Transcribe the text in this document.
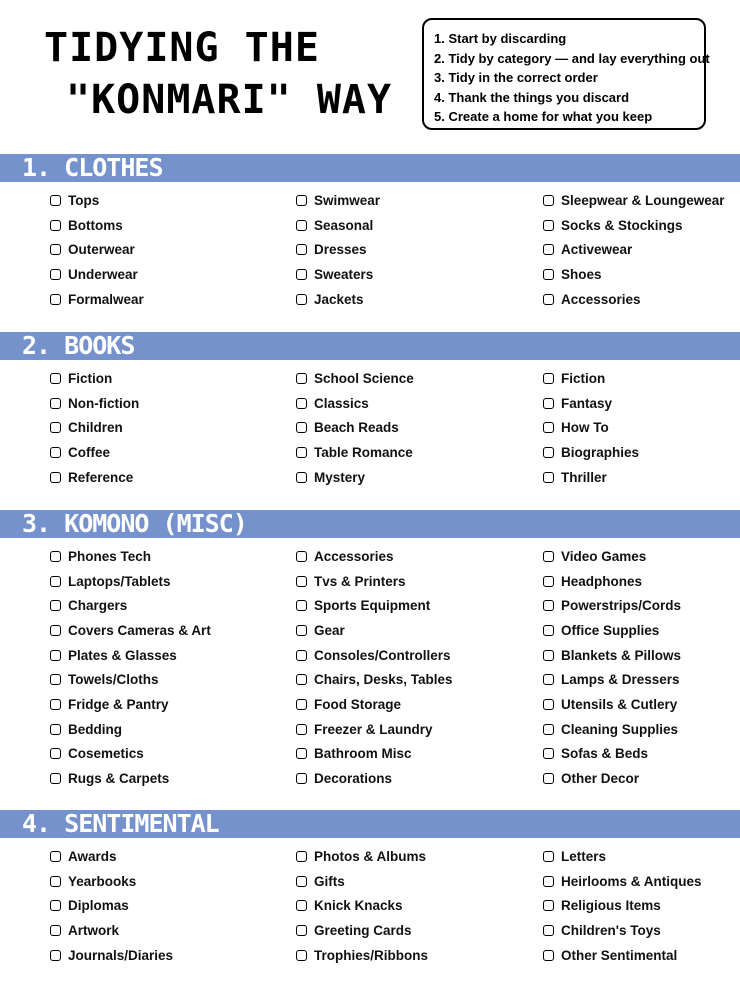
TIDYING THE
"KONMARI" WAY
1. Start by discarding
2. Tidy by category — and lay everything out
3. Tidy in the correct order
4. Thank the things you discard
5. Create a home for what you keep
1. CLOTHES
Tops
Bottoms
Outerwear
Underwear
Formalwear
Swimwear
Seasonal
Dresses
Sweaters
Jackets
Sleepwear & Loungewear
Socks & Stockings
Activewear
Shoes
Accessories
2. BOOKS
Fiction
Non-fiction
Children
Coffee
Reference
School Science
Classics
Beach Reads
Table Romance
Mystery
Fiction
Fantasy
How To
Biographies
Thriller
3. KOMONO (MISC)
Phones Tech
Laptops/Tablets
Chargers
Covers Cameras & Art
Plates & Glasses
Towels/Cloths
Fridge & Pantry
Bedding
Cosemetics
Rugs & Carpets
Accessories
Tvs & Printers
Sports Equipment
Gear
Consoles/Controllers
Chairs, Desks, Tables
Food Storage
Freezer & Laundry
Bathroom Misc
Decorations
Video Games
Headphones
Powerstrips/Cords
Office Supplies
Blankets & Pillows
Lamps & Dressers
Utensils & Cutlery
Cleaning Supplies
Sofas & Beds
Other Decor
4. SENTIMENTAL
Awards
Yearbooks
Diplomas
Artwork
Journals/Diaries
Photos & Albums
Gifts
Knick Knacks
Greeting Cards
Trophies/Ribbons
Letters
Heirlooms & Antiques
Religious Items
Children's Toys
Other Sentimental
